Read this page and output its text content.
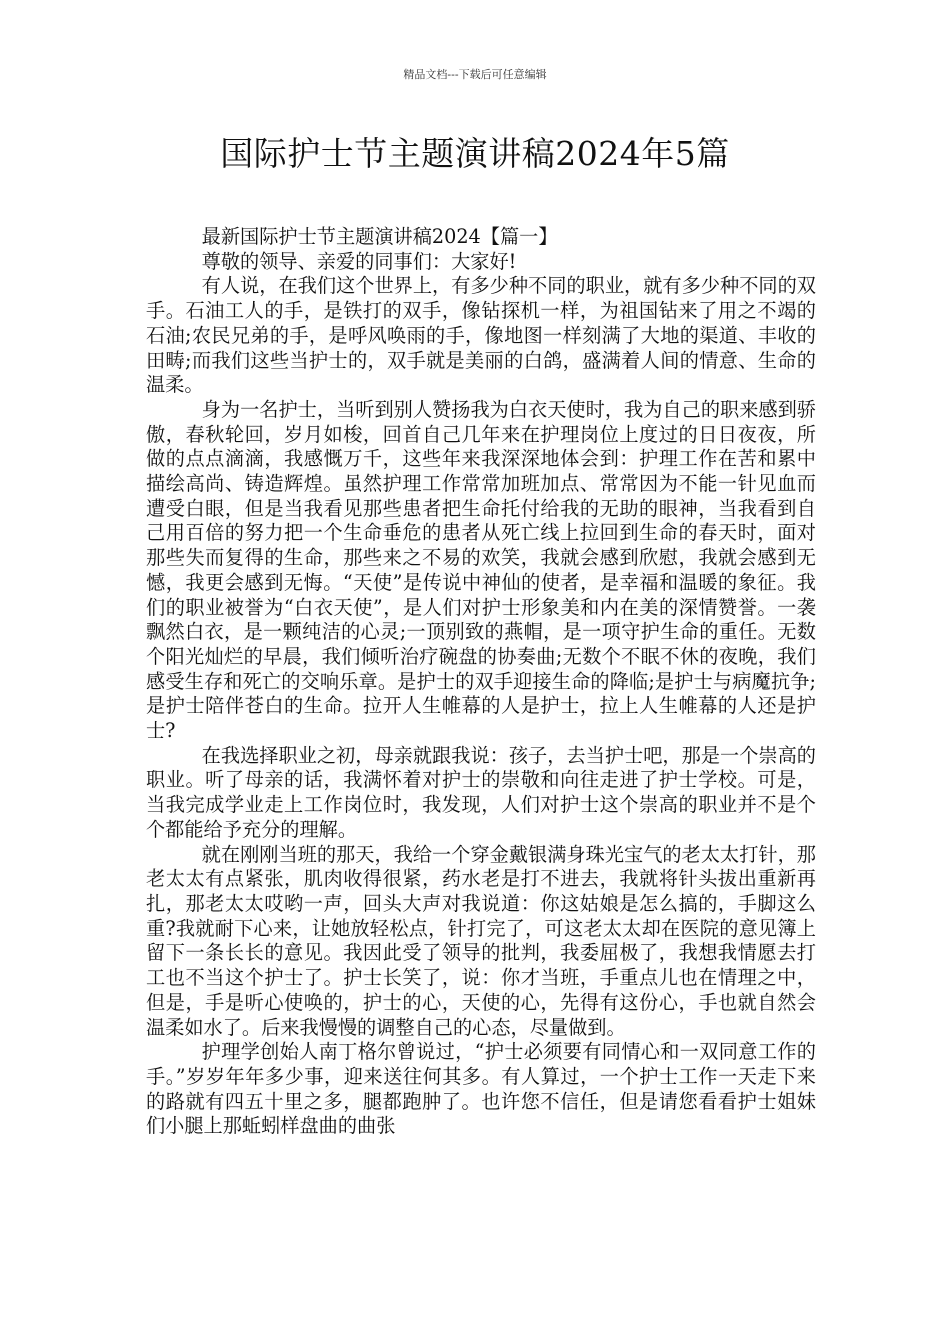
精品文档---下载后可任意编辑
国际护士节主题演讲稿2024年5篇

最新国际护士节主题演讲稿2024【篇一】

尊敬的领导、亲爱的同事们：大家好!

有人说，在我们这个世界上，有多少种不同的职业，就有多少种不同的双手。石油工人的手，是铁打的双手，像钻探机一样，为祖国钻来了用之不竭的石油;农民兄弟的手，是呼风唤雨的手，像地图一样刻满了大地的渠道、丰收的田畴;而我们这些当护士的，双手就是美丽的白鸽，盛满着人间的情意、生命的温柔。

身为一名护士，当听到别人赞扬我为白衣天使时，我为自己的职来感到骄傲，春秋轮回，岁月如梭，回首自己几年来在护理岗位上度过的日日夜夜，所做的点点滴滴，我感慨万千，这些年来我深深地体会到：护理工作在苦和累中描绘高尚、铸造辉煌。虽然护理工作常常加班加点、常常因为不能一针见血而遭受白眼，但是当我看见那些患者把生命托付给我的无助的眼神，当我看到自己用百倍的努力把一个生命垂危的患者从死亡线上拉回到生命的春天时，面对那些失而复得的生命，那些来之不易的欢笑，我就会感到欣慰，我就会感到无憾，我更会感到无悔。“天使”是传说中神仙的使者，是幸福和温暖的象征。我们的职业被誉为“白衣天使”，是人们对护士形象美和内在美的深情赞誉。一袭飘然白衣，是一颗纯洁的心灵;一顶别致的燕帽，是一项守护生命的重任。无数个阳光灿烂的早晨，我们倾听治疗碗盘的协奏曲;无数个不眠不休的夜晚，我们感受生存和死亡的交响乐章。是护士的双手迎接生命的降临;是护士与病魔抗争;是护士陪伴苍白的生命。拉开人生帷幕的人是护士，拉上人生帷幕的人还是护士?

在我选择职业之初，母亲就跟我说：孩子，去当护士吧，那是一个崇高的职业。听了母亲的话，我满怀着对护士的崇敬和向往走进了护士学校。可是，当我完成学业走上工作岗位时，我发现，人们对护士这个崇高的职业并不是个个都能给予充分的理解。

就在刚刚当班的那天，我给一个穿金戴银满身珠光宝气的老太太打针，那老太太有点紧张，肌肉收得很紧，药水老是打不进去，我就将针头拔出重新再扎，那老太太哎哟一声，回头大声对我说道：你这姑娘是怎么搞的，手脚这么重?我就耐下心来，让她放轻松点，针打完了，可这老太太却在医院的意见簿上留下一条长长的意见。我因此受了领导的批判，我委屈极了，我想我情愿去打工也不当这个护士了。护士长笑了，说：你才当班，手重点儿也在情理之中，但是，手是听心使唤的，护士的心，天使的心，先得有这份心，手也就自然会温柔如水了。后来我慢慢的调整自己的心态，尽量做到。

护理学创始人南丁格尔曾说过，“护士必须要有同情心和一双同意工作的手。”岁岁年年多少事，迎来送往何其多。有人算过，一个护士工作一天走下来的路就有四五十里之多，腿都跑肿了。也许您不信任，但是请您看看护士姐妹们小腿上那蚯蚓样盘曲的曲张
